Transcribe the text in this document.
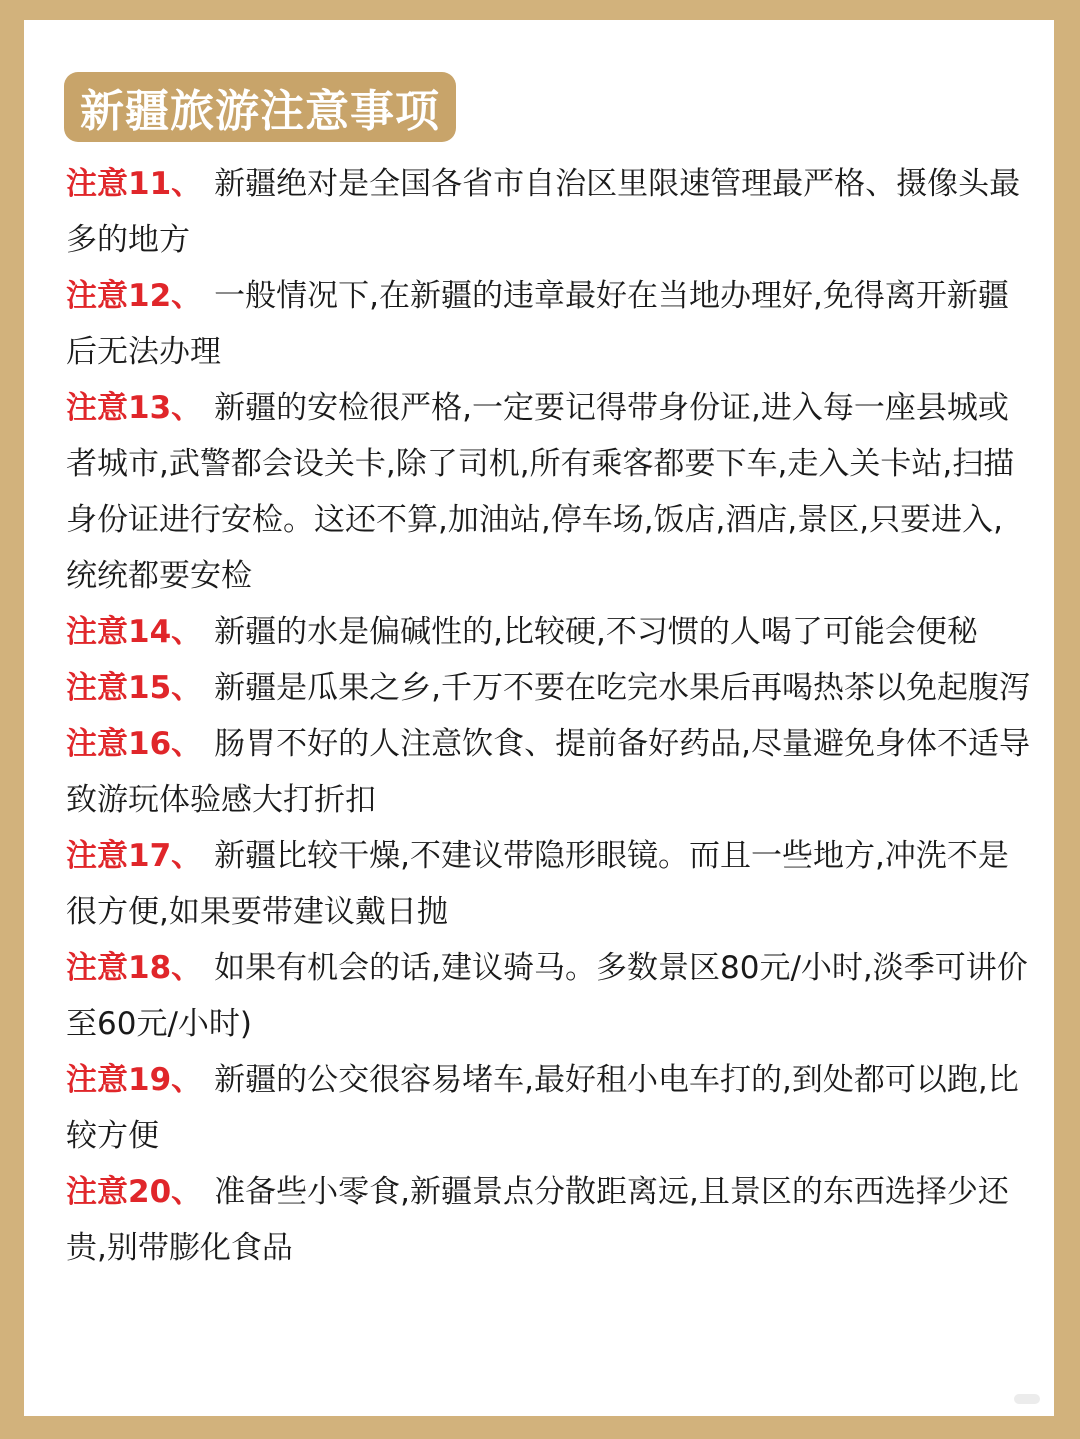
新疆旅游注意事项

注意11、 新疆绝对是全国各省市自治区里限速管理最严格、摄像头最多的地方

注意12、 一般情况下,在新疆的违章最好在当地办理好,免得离开新疆后无法办理

注意13、 新疆的安检很严格,一定要记得带身份证,进入每一座县城或者城市,武警都会设关卡,除了司机,所有乘客都要下车,走入关卡站,扫描身份证进行安检。这还不算,加油站,停车场,饭店,酒店,景区,只要进入,统统都要安检

注意14、 新疆的水是偏碱性的,比较硬,不习惯的人喝了可能会便秘

注意15、 新疆是瓜果之乡,千万不要在吃完水果后再喝热茶以免起腹泻

注意16、 肠胃不好的人注意饮食、提前备好药品,尽量避免身体不适导致游玩体验感大打折扣

注意17、 新疆比较干燥,不建议带隐形眼镜。而且一些地方,冲洗不是很方便,如果要带建议戴日抛

注意18、 如果有机会的话,建议骑马。多数景区80元/小时,淡季可讲价至60元/小时)

注意19、 新疆的公交很容易堵车,最好租小电车打的,到处都可以跑,比较方便

注意20、 准备些小零食,新疆景点分散距离远,且景区的东西选择少还贵,别带膨化食品
